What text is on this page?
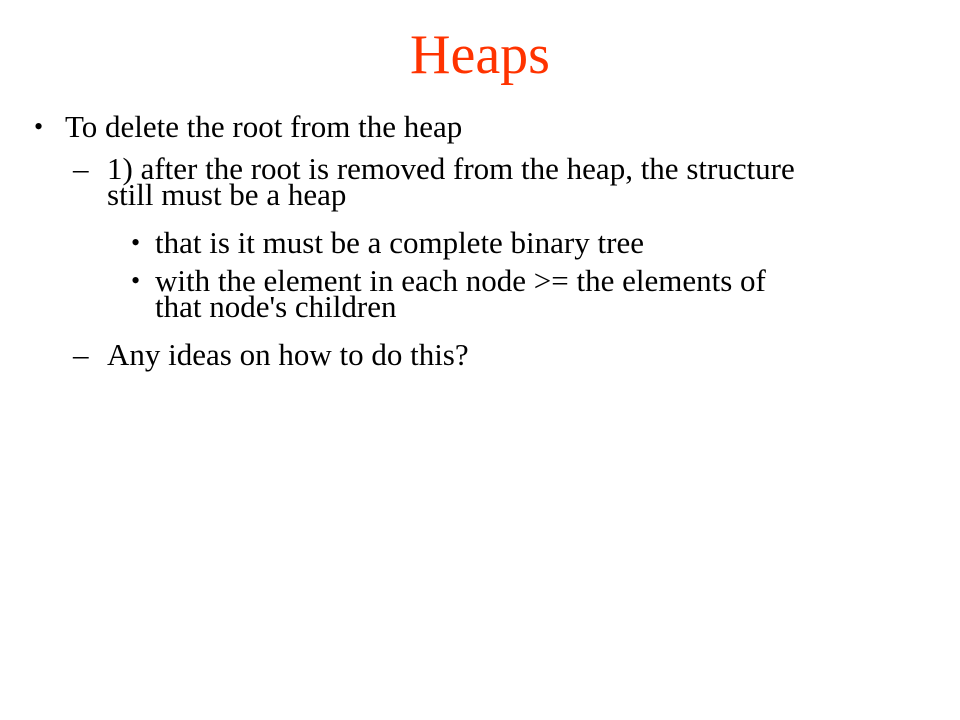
Heaps
• To delete the root from the heap
– 1) after the root is removed from the heap, the structure
still must be a heap
• that is it must be a complete binary tree
• with the element in each node >= the elements of
that node's children
– Any ideas on how to do this?
